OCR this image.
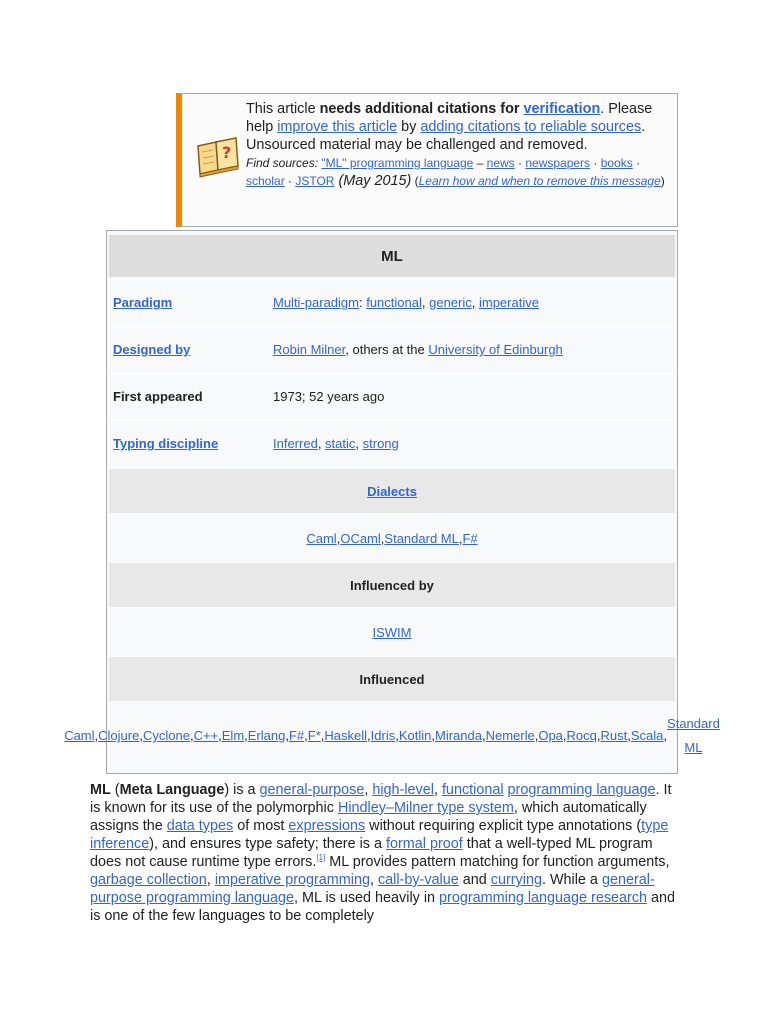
?
This article needs additional citations for verification. Please help improve this article by adding citations to reliable sources. Unsourced material may be challenged and removed.
Find sources: "ML" programming language – news · newspapers · books · scholar · JSTOR (May 2015) (Learn how and when to remove this message)
ML
Paradigm	Multi-paradigm: functional, generic, imperative
Designed by	Robin Milner, others at the University of Edinburgh
First appeared	1973; 52 years ago
Typing discipline	Inferred, static, strong
Dialects
Caml , OCaml , Standard ML , F#
Influenced by
ISWIM
Influenced
Caml , Clojure , Cyclone , C++ , Elm , Erlang , F# , F* , Haskell , Idris , Kotlin , Miranda , Nemerle , Opa , Rocq , Rust , Scala ,
Standard ML

ML (Meta Language) is a general-purpose, high-level, functional programming language. It is known for its use of the polymorphic Hindley–Milner type system, which automatically assigns the data types of most expressions without requiring explicit type annotations (type inference), and ensures type safety; there is a formal proof that a well-typed ML program does not cause runtime type errors.[1] ML provides pattern matching for function arguments, garbage collection, imperative programming, call-by-value and currying. While a general-purpose programming language, ML is used heavily in programming language research and is one of the few languages to be completely
